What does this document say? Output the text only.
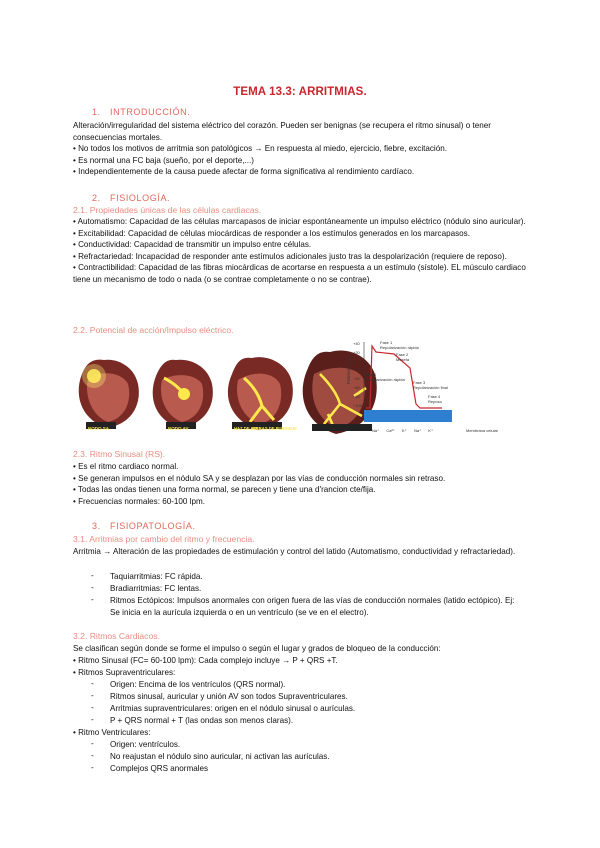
TEMA 13.3: ARRITMIAS.
1. INTRODUCCIÓN.

Alteración/irregularidad del sistema eléctrico del corazón. Pueden ser benignas (se recupera el ritmo sinusal) o tener consecuencias mortales.

• No todos los motivos de arritmia son patológicos → En respuesta al miedo, ejercicio, fiebre, excitación.

• Es normal una FC baja (sueño, por el deporte,...)

• Independientemente de la causa puede afectar de forma significativa al rendimiento cardíaco.

2. FISIOLOGÍA.
2.1. Propiedades únicas de las células cardiacas.

• Automatismo: Capacidad de las células marcapasos de iniciar espontáneamente un impulso eléctrico (nódulo sino auricular).

• Excitabilidad: Capacidad de células miocárdicas de responder a los estímulos generados en los marcapasos.

• Conductividad: Capacidad de transmitir un impulso entre células.

• Refractariedad: Incapacidad de responder ante estímulos adicionales justo tras la despolarización (requiere de reposo).

• Contractibilidad: Capacidad de las fibras miocárdicas de acortarse en respuesta a un estímulo (sístole). EL músculo cardiaco tiene un mecanismo de todo o nada (o se contrae completamente o no se contrae).

2.2. Potencial de acción/Impulso eléctrico.
NODO SA	NODO AV	HAZ DE HIS
FIBRAS DE PURKINJE
Potencial (mV)
+40
+20
0
−20
−40
−60
−80
−100
Fase 1
Repolarización rápida
Fase 2
Meseta
Fase 0
Despolarización rápida
Fase 3
Repolarización final
Fase 4
Reposo
Na⁺ Ca²⁺ K⁺ Na⁺ K⁺	Membrana celular
2.3. Ritmo Sinusal (RS).

• Es el ritmo cardiaco normal.

• Se generan impulsos en el nódulo SA y se desplazan por las vías de conducción normales sin retraso.

• Todas las ondas tienen una forma normal, se parecen y tiene una d'rancion cte/fija.

• Frecuencias normales: 60-100 lpm.

3. FISIOPATOLOGÍA.
3.1. Arritmias por cambio del ritmo y frecuencia.
Arritmia → Alteración de las propiedades de estimulación y control del latido (Automatismo, conductividad y refractariedad).
- Taquiarritmias: FC rápida.
- Bradiarritmias: FC lentas.
- Ritmos Ectópicos: Impulsos anormales con origen fuera de las vías de conducción normales (latido ectópico). Ej: Se inicia en la aurícula izquierda o en un ventrículo (se ve en el electro).
3.2. Ritmos Cardiacos.
Se clasifican según donde se forme el impulso o según el lugar y grados de bloqueo de la conducción:
• Ritmo Sinusal (FC= 60-100 lpm): Cada complejo incluye → P + QRS +T.
• Ritmos Supraventriculares:
- Origen: Encima de los ventrículos (QRS normal).
- Ritmos sinusal, auricular y unión AV son todos Supraventriculares.
- Arritmias supraventriculares: origen en el nódulo sinusal o aurículas.
- P + QRS normal + T (las ondas son menos claras).
• Ritmo Ventriculares:
- Origen: ventrículos.
- No reajustan el nódulo sino auricular, ni activan las aurículas.
- Complejos QRS anormales
